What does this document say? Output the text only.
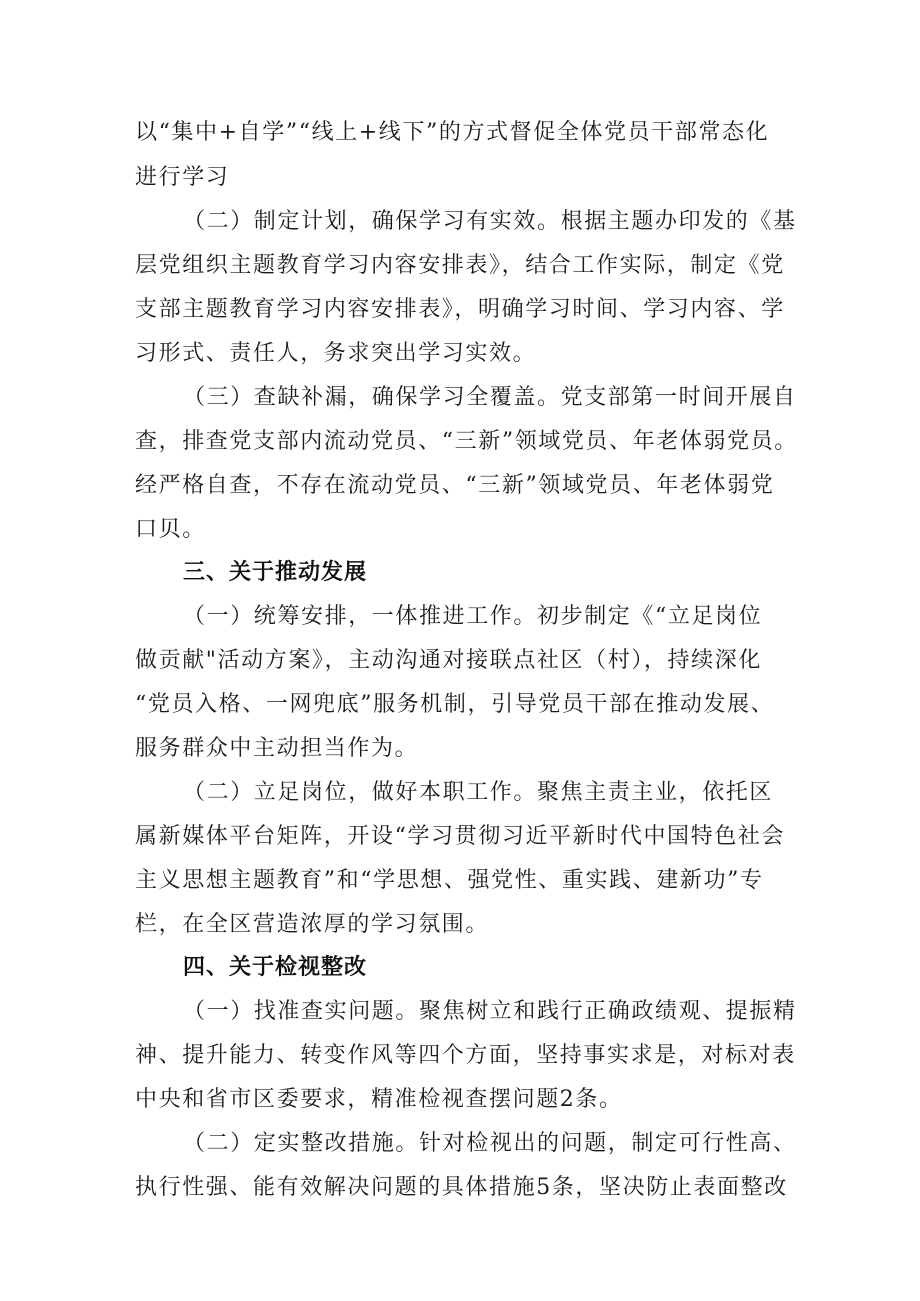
以“集中+自学”“线上+线下”的方式督促全体党员干部常态化

进行学习

（二）制定计划，确保学习有实效。根据主题办印发的《基

层党组织主题教育学习内容安排表》，结合工作实际，制定《党

支部主题教育学习内容安排表》，明确学习时间、学习内容、学

习形式、责任人，务求突出学习实效。

（三）查缺补漏，确保学习全覆盖。党支部第一时间开展自

查，排查党支部内流动党员、“三新”领域党员、年老体弱党员。

经严格自查，不存在流动党员、“三新”领域党员、年老体弱党

口贝。

三、关于推动发展

（一）统筹安排，一体推进工作。初步制定《“立足岗位

做贡献"活动方案》，主动沟通对接联点社区（村），持续深化

“党员入格、一网兜底”服务机制，引导党员干部在推动发展、

服务群众中主动担当作为。

（二）立足岗位，做好本职工作。聚焦主责主业，依托区

属新媒体平台矩阵，开设“学习贯彻习近平新时代中国特色社会

主义思想主题教育”和“学思想、强党性、重实践、建新功”专

栏，在全区营造浓厚的学习氛围。

四、关于检视整改

（一）找准查实问题。聚焦树立和践行正确政绩观、提振精

神、提升能力、转变作风等四个方面，坚持事实求是，对标对表

中央和省市区委要求，精准检视查摆问题2条。

（二）定实整改措施。针对检视出的问题，制定可行性高、

执行性强、能有效解决问题的具体措施5条，坚决防止表面整改
